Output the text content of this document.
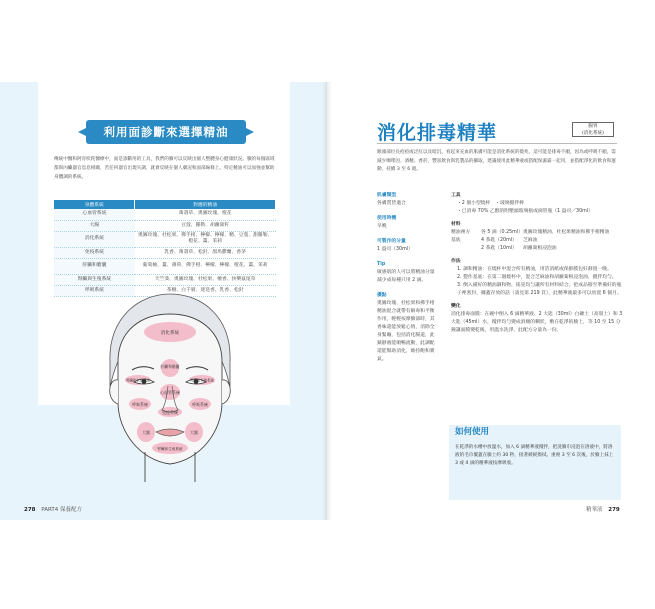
利用面診斷來選擇精油
傳統中醫和阿育吠陀醫療中，面是診斷用的工具，我們的臉可以反映出個人整體身心健康狀況。臉的每個區域都與內臟器官息息相關，若任何器官出現失調，就會反映在個人膚況和面部線條上。特定精油可以加強並幫助身體調的系統。
身體系統	對應的精油
心血管系統	萬壽草、奧圖玫瑰、橙花
大腸	豆蔻、羅勒、胡蘿蔔籽
消化系統	奧圖玫瑰、杜松果、佛手柑、檸檬、檸檬、精、豆蔻、甜羅勒、橙花、薑、茉莉
免疫系統	乳香、萬壽草、松針、甜馬鬱蘭、香茅
肝臟和膽囊	葡萄柚、薑、薄荷、佛手柑、檸檬、檸檬、橙花、薑、茉莉
腎臟與生殖系統	天竺葵、奧圖玫瑰、杜松果、檀香、快樂鼠尾草
呼吸系統	茶樹、白千層、迷迭香、乳香、松針
消化系統
肝臟和膽囊
腎臟和生殖系統	腎臟和生殖系統
心血管系統
呼吸系統	呼吸系統
免疫系統
大腸	大腸
腎臟和生殖系統
278 PART4 保養配方
消化排毒精華	腸胃
(消化系統)
額頭部位長痘痘或泛紅以及暗沉，看起來充血的肌膚可能是消化系統的徵兆，這可能是排毒不順，因為或呼吸不順，需減少咖啡因、酒精、香菸，豐富飲食與乳製品的攝取，建議使用此精華液或搭配保濕霜一起用，並搭配淨化的飲食和運動，持續 3 至 6 週。
肌膚類型
各膚質皆適合
使用時機
早晚
可製作的分量
1 盎司（30ml）
Tip
敏感肌的人可以將精油分量減少成每種只用 2 滴。
優點
奧圖玫瑰、杜松果和佛手柑精油混合就帶有解毒和平衡作用，輕輕按摩臉部時，其香味還能放鬆心情，消除全身緊繃，包括消化腸道，此鎮靜液能順暢流動，此調配還能幫助消化，維持飽和實氣。
工具
・2 個小型燒杯　・玻璃攪拌棒
・已消毒 70% 乙醇的附壓頭玻璃瓶或滴管瓶（1 盎司／30ml）
材料
精油複方	各 5 滴（0.25ml） 奧圖玫瑰精油、杜松果精油和佛手柑精油
基底	4 茶匙（20ml）	芝麻油
2 茶匙（10ml）	胡蘿蔔根浸泡油
作法
1. 調和精油：在燒杯中混合所有精油，用箔消紙或保鮮膜包好靜置一晚。
2. 製作基底：在第二個燒杯中，混合芝麻油和胡蘿蔔根浸泡油，攪拌均勻。
3. 倒入備好的精油調和物，搖晃均勻讓所有材料結合。把成品移至準備好的瓶子裡密封，據蓋存放的話（請見第 219 頁），此精華液最多可以放置 6 個月。
變化
消化排毒面膜：在碗中倒入 6 滴精華液、2 大匙（30ml）白礦土（高嶺土）和 3 大匙（45ml）水，攪拌均勻變成滑順的糊狀，敷在乾淨的臉上，等 10 至 15 分鐘讓面膜變乾後，用溫水洗淨，此配方分量為一份。
如何使用
在乾淨的水槽中放溫水，加入 6 滴精華液攪拌，把洗臉巾浸泡在溶液中，將溶液的毛巾覆蓋在臉上約 30 秒，接著緩緩擦拭。重複 3 至 6 次後，於臉上抹上 3 或 4 滴的精華液按摩吸收。
精華液 279
